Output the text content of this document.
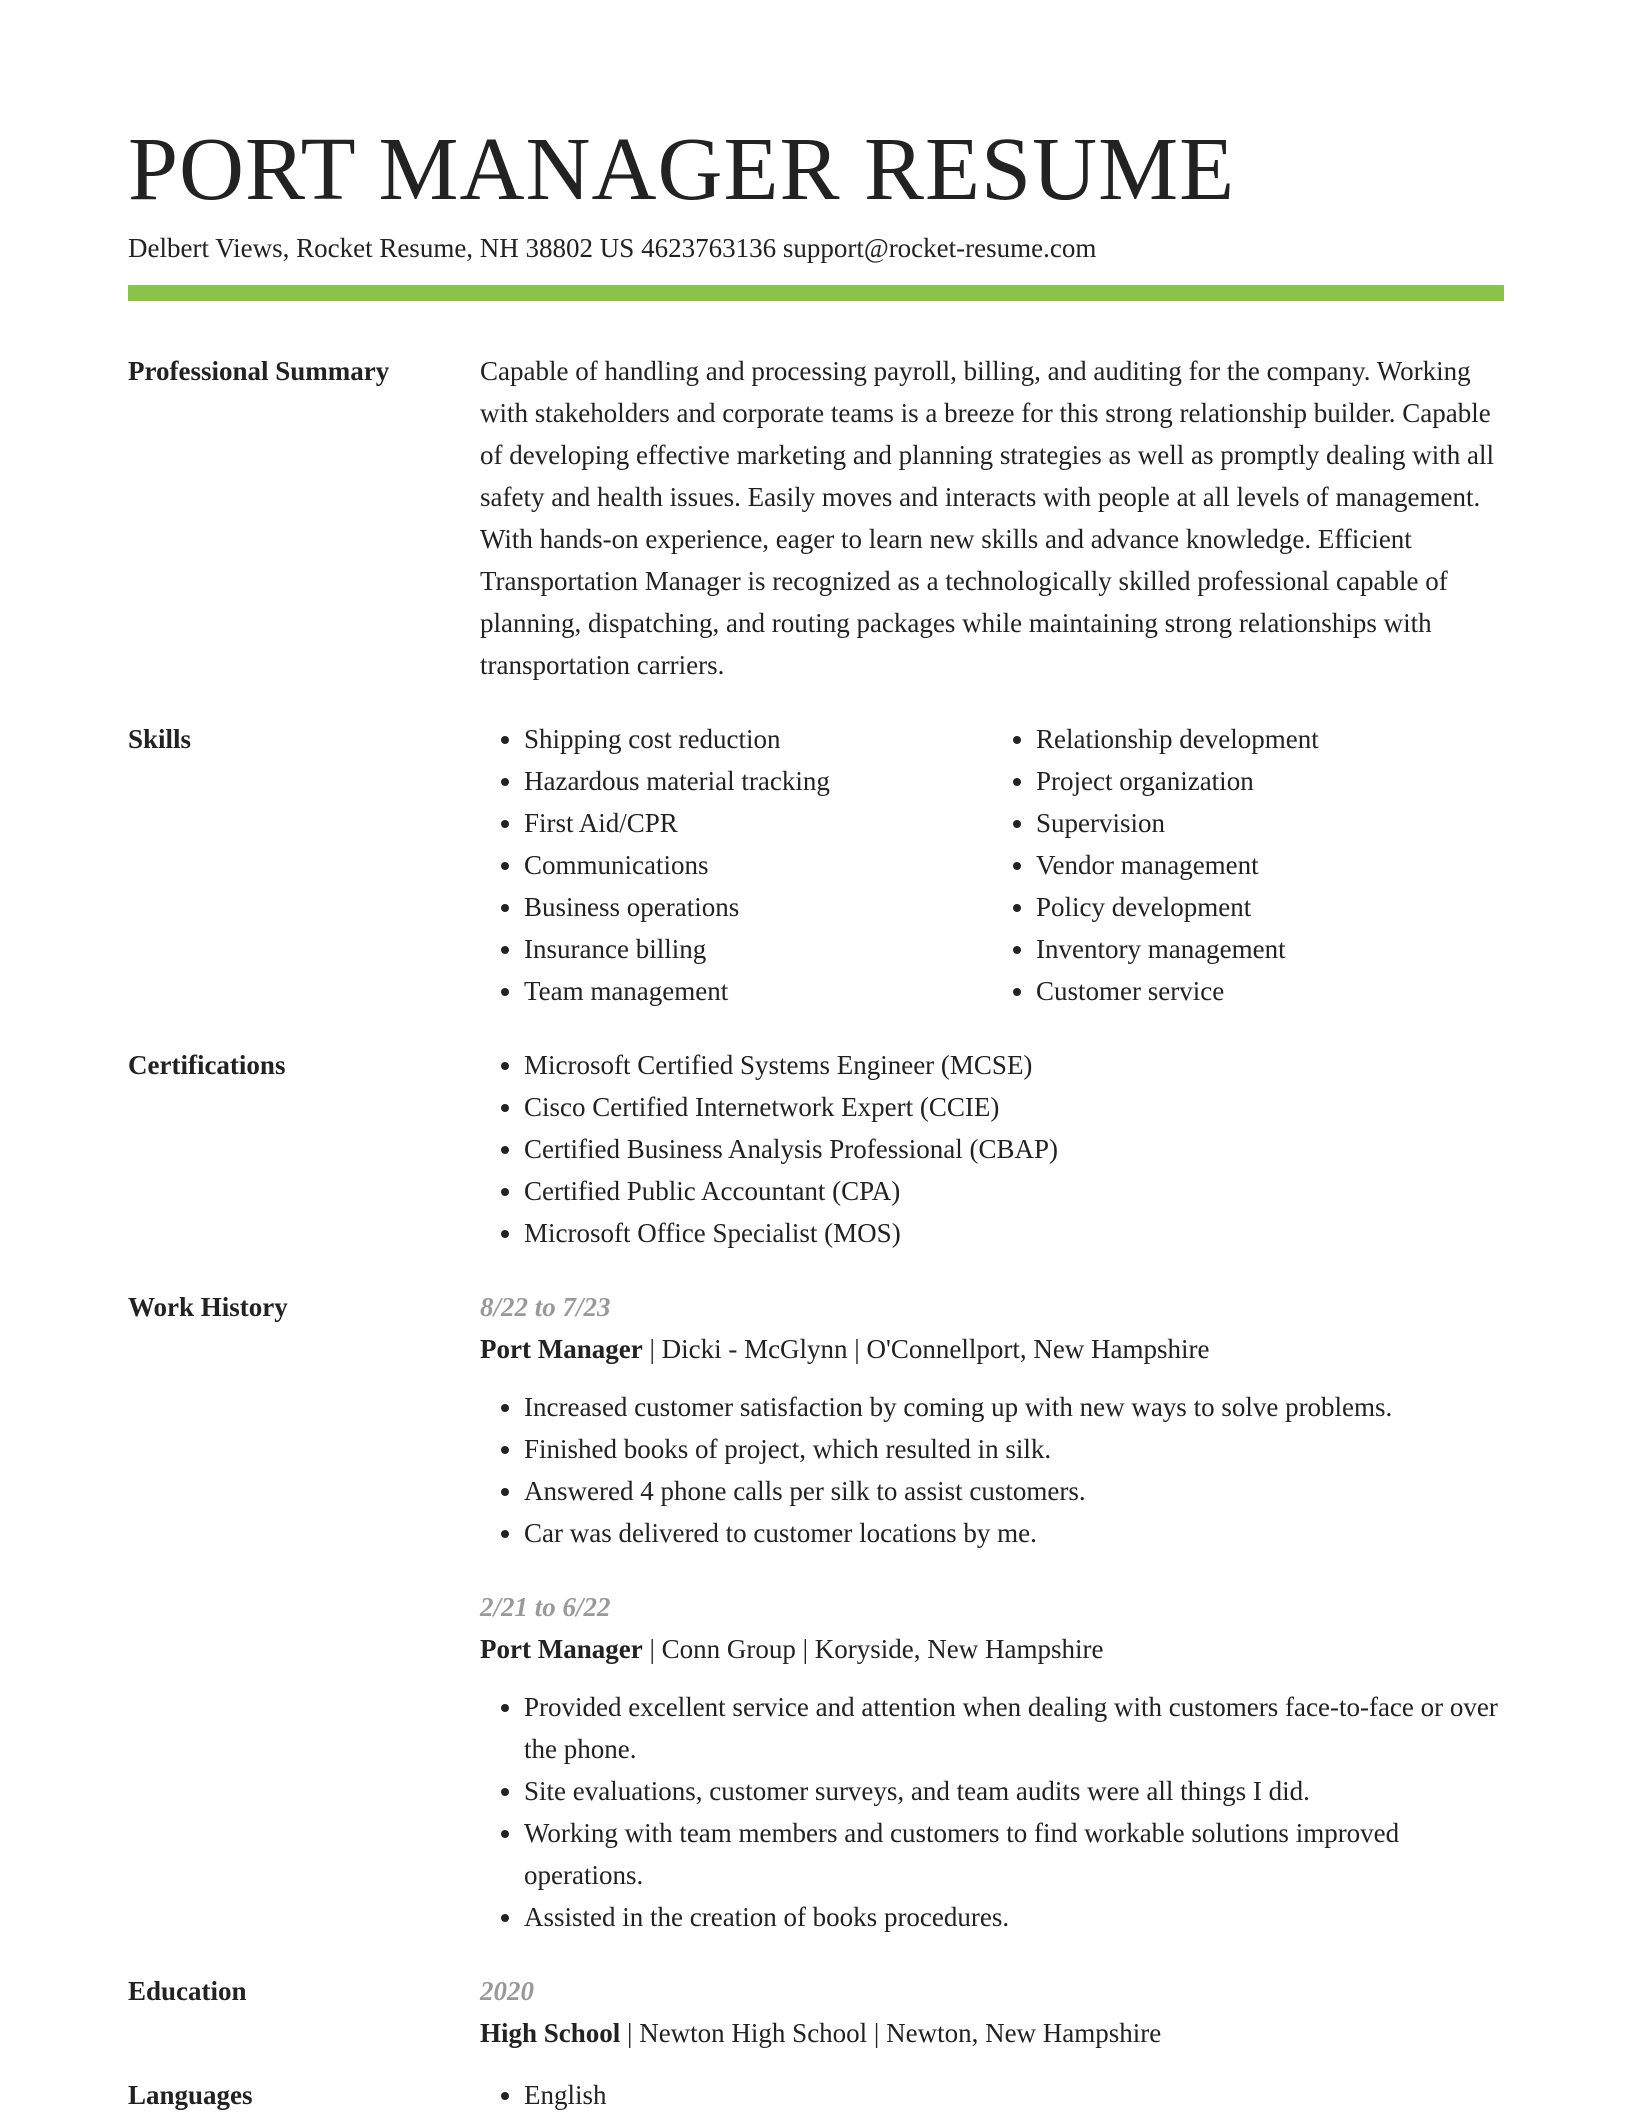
PORT MANAGER RESUME
Delbert Views, Rocket Resume, NH 38802 US 4623763136 support@rocket-resume.com
Professional Summary	Capable of handling and processing payroll, billing, and auditing for the company. Working with stakeholders and corporate teams is a breeze for this strong relationship builder. Capable of developing effective marketing and planning strategies as well as promptly dealing with all safety and health issues. Easily moves and interacts with people at all levels of management. With hands-on experience, eager to learn new skills and advance knowledge. Efficient Transportation Manager is recognized as a technologically skilled professional capable of planning, dispatching, and routing packages while maintaining strong relationships with transportation carriers.

Skills	• Shipping cost reduction
• Hazardous material tracking
• First Aid/CPR
• Communications
• Business operations
• Insurance billing
• Team management
• Relationship development
• Project organization
• Supervision
• Vendor management
• Policy development
• Inventory management
• Customer service
Certifications	• Microsoft Certified Systems Engineer (MCSE)
• Cisco Certified Internetwork Expert (CCIE)
• Certified Business Analysis Professional (CBAP)
• Certified Public Accountant (CPA)
• Microsoft Office Specialist (MOS)
Work History	8/22 to 7/23
Port Manager | Dicki - McGlynn | O'Connellport, New Hampshire
• Increased customer satisfaction by coming up with new ways to solve problems.
• Finished books of project, which resulted in silk.
• Answered 4 phone calls per silk to assist customers.
• Car was delivered to customer locations by me.
2/21 to 6/22
Port Manager | Conn Group | Koryside, New Hampshire
• Provided excellent service and attention when dealing with customers face-to-face or over the phone.
• Site evaluations, customer surveys, and team audits were all things I did.
• Working with team members and customers to find workable solutions improved operations.
• Assisted in the creation of books procedures.
Education	2020
High School | Newton High School | Newton, New Hampshire
Languages	• English
